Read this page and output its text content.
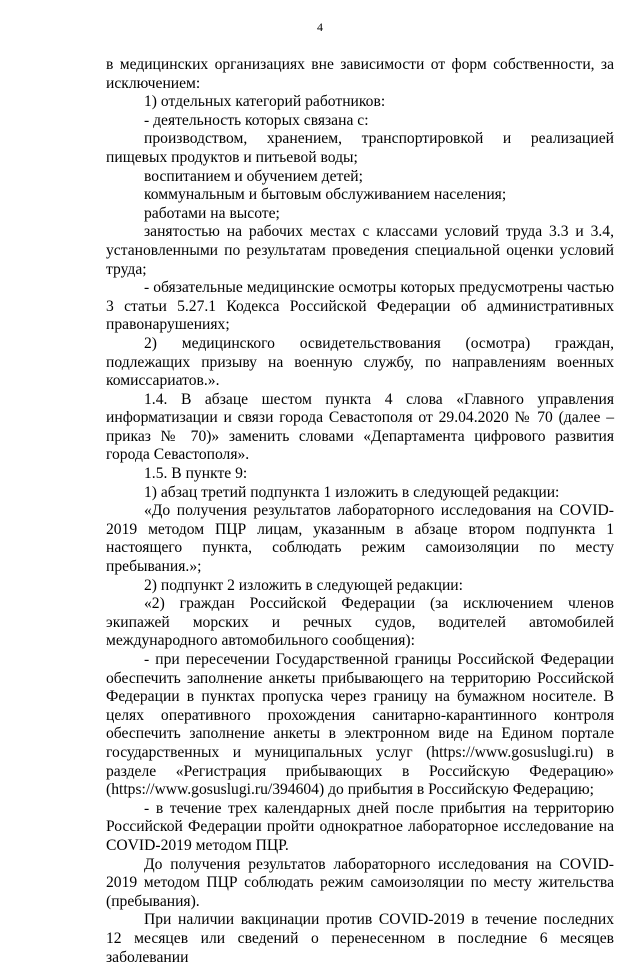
4

в медицинских организациях вне зависимости от форм собственности, за исключением:

1) отдельных категорий работников:

- деятельность которых связана с:

производством, хранением, транспортировкой и реализацией пищевых продуктов и питьевой воды;

воспитанием и обучением детей;

коммунальным и бытовым обслуживанием населения;

работами на высоте;

занятостью на рабочих местах с классами условий труда 3.3 и 3.4, установленными по результатам проведения специальной оценки условий труда;

- обязательные медицинские осмотры которых предусмотрены частью 3 статьи 5.27.1 Кодекса Российской Федерации об административных правонарушениях;

2) медицинского освидетельствования (осмотра) граждан, подлежащих призыву на военную службу, по направлениям военных комиссариатов.».

1.4. В абзаце шестом пункта 4 слова «Главного управления информатизации и связи города Севастополя от 29.04.2020 № 70 (далее – приказ № 70)» заменить словами «Департамента цифрового развития города Севастополя».

1.5. В пункте 9:

1) абзац третий подпункта 1 изложить в следующей редакции:

«До получения результатов лабораторного исследования на COVID-2019 методом ПЦР лицам, указанным в абзаце втором подпункта 1 настоящего пункта, соблюдать режим самоизоляции по месту пребывания.»;

2) подпункт 2 изложить в следующей редакции:

«2) граждан Российской Федерации (за исключением членов экипажей морских и речных судов, водителей автомобилей международного автомобильного сообщения):

- при пересечении Государственной границы Российской Федерации обеспечить заполнение анкеты прибывающего на территорию Российской Федерации в пунктах пропуска через границу на бумажном носителе. В целях оперативного прохождения санитарно-карантинного контроля обеспечить заполнение анкеты в электронном виде на Едином портале государственных и муниципальных услуг (https://www.gosuslugi.ru) в разделе «Регистрация прибывающих в Российскую Федерацию» (https://www.gosuslugi.ru/394604) до прибытия в Российскую Федерацию;

- в течение трех календарных дней после прибытия на территорию Российской Федерации пройти однократное лабораторное исследование на COVID-2019 методом ПЦР.

До получения результатов лабораторного исследования на COVID-2019 методом ПЦР соблюдать режим самоизоляции по месту жительства (пребывания).

При наличии вакцинации против COVID-2019 в течение последних 12 месяцев или сведений о перенесенном в последние 6 месяцев заболевании
